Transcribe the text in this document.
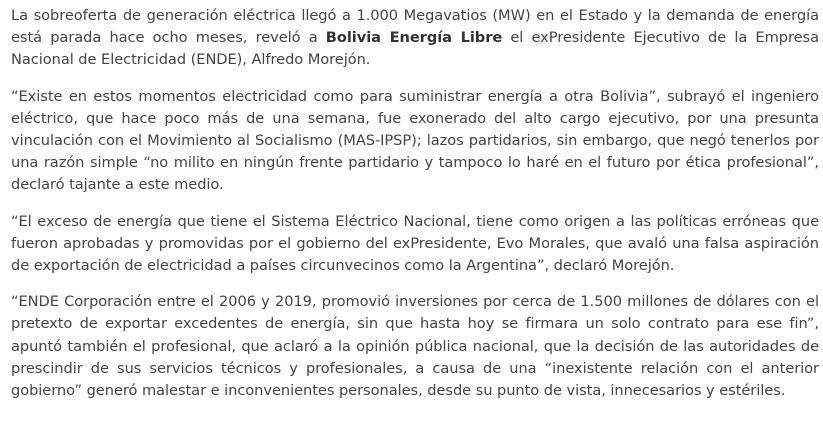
La sobreoferta de generación eléctrica llegó a 1.000 Megavatios (MW) en el Estado y la demanda de energía está parada hace ocho meses, reveló a Bolivia Energía Libre el exPresidente Ejecutivo de la Empresa Nacional de Electricidad (ENDE), Alfredo Morejón.

“Existe en estos momentos electricidad como para suministrar energía a otra Bolivia”, subrayó el ingeniero eléctrico, que hace poco más de una semana, fue exonerado del alto cargo ejecutivo, por una presunta vinculación con el Movimiento al Socialismo (MAS-IPSP); lazos partidarios, sin embargo, que negó tenerlos por una razón simple “no milito en ningún frente partidario y tampoco lo haré en el futuro por ética profesional”, declaró tajante a este medio.

“El exceso de energía que tiene el Sistema Eléctrico Nacional, tiene como origen a las políticas erróneas que fueron aprobadas y promovidas por el gobierno del exPresidente, Evo Morales, que avaló una falsa aspiración de exportación de electricidad a países circunvecinos como la Argentina”, declaró Morejón.

“ENDE Corporación entre el 2006 y 2019, promovió inversiones por cerca de 1.500 millones de dólares con el pretexto de exportar excedentes de energía, sin que hasta hoy se firmara un solo contrato para ese fin”, apuntó también el profesional, que aclaró a la opinión pública nacional, que la decisión de las autoridades de prescindir de sus servicios técnicos y profesionales, a causa de una “inexistente relación con el anterior gobierno” generó malestar e inconvenientes personales, desde su punto de vista, innecesarios y estériles.
